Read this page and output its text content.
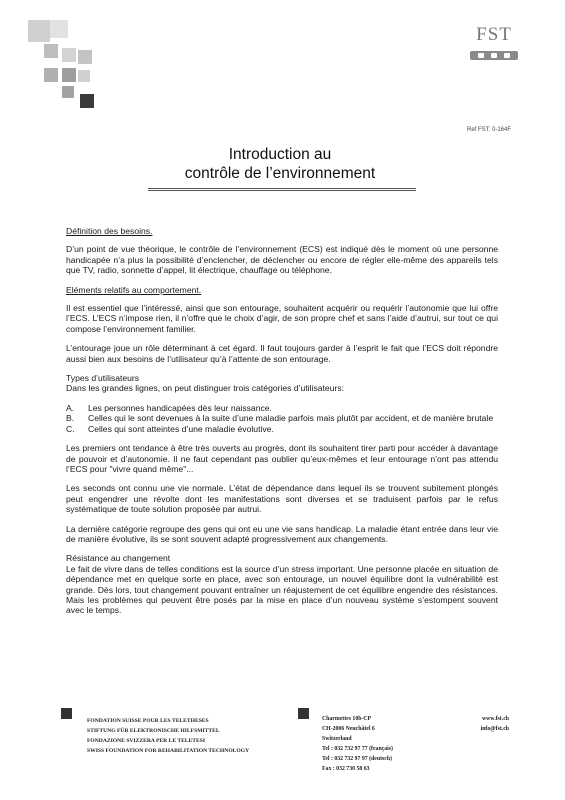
FST
Ref FST: 0-164F
Introduction au
contrôle de l’environnement

Définition des besoins.

D’un point de vue théorique, le contrôle de l’environnement (ECS) est indiqué dès le moment où une personne handicapée n’a plus la possibilité d’enclencher, de déclencher ou encore de régler elle-même des appareils tels que TV, radio, sonnette d’appel, lit électrique, chauffage ou téléphone.

Eléments relatifs au comportement.

Il est essentiel que l’intéressé, ainsi que son entourage, souhaitent acquérir ou requérir l’autonomie que lui offre l’ECS. L’ECS n’impose rien, il n’offre que le choix d’agir, de son propre chef et sans l’aide d’autrui, sur tout ce qui compose l’environnement familier.

L’entourage joue un rôle déterminant à cet égard. Il faut toujours garder à l’esprit le fait que l’ECS doit répondre aussi bien aux besoins de l’utilisateur qu’à l’attente de son entourage.

Types d’utilisateurs

Dans les grandes lignes, on peut distinguer trois catégories d’utilisateurs:

A.	Les personnes handicapées dès leur naissance.
B.	Celles qui le sont devenues à la suite d’une maladie parfois mais plutôt par accident, et de manière brutale
C.	Celles qui sont atteintes d’une maladie évolutive.

Les premiers ont tendance à être très ouverts au progrès, dont ils souhaitent tirer parti pour accéder à davantage de pouvoir et d’autonomie. Il ne faut cependant pas oublier qu’eux-mêmes et leur entourage n’ont pas attendu l’ECS pour "vivre quand même"...

Les seconds ont connu une vie normale. L’état de dépendance dans lequel ils se trouvent subitement plongés peut engendrer une révolte dont les manifestations sont diverses et se traduisent parfois par le refus systématique de toute solution proposée par autrui.

La dernière catégorie regroupe des gens qui ont eu une vie sans handicap. La maladie étant entrée dans leur vie de manière évolutive, ils se sont souvent adapté progressivement aux changements.

Résistance au changement

Le fait de vivre dans de telles conditions est la source d’un stress important. Une personne placée en situation de dépendance met en quelque sorte en place, avec son entourage, un nouvel équilibre dont la vulnérabilité est grande. Dès lors, tout changement pouvant entraîner un réajustement de cet équilibre engendre des résistances. Mais les problèmes qui peuvent être posés par la mise en place d’un nouveau système s’estompent souvent avec le temps.

FONDATION SUISSE POUR LES TELETHESES
STIFTUNG FÜR ELEKTRONISCHE HILFSMITTEL
FONDAZIONE SVIZZERA PER LE TELETESI
SWISS FOUNDATION FOR REHABILITATION TECHNOLOGY
Charmettes 10b-CP
CH-2006 Neuchâtel 6
Switzerland
Tel : 032 732 97 77 (français)
Tel : 032 732 97 97 (deutsch)
Fax : 032 730 58 63
www.fst.ch
info@fst.ch
